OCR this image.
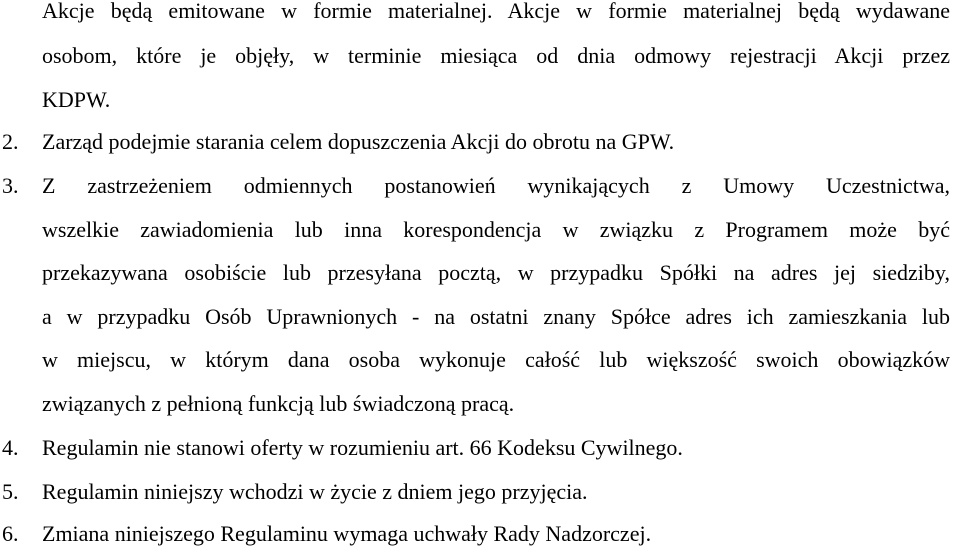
Akcje będą emitowane w formie materialnej. Akcje w formie materialnej będą wydawane
osobom, które je objęły, w terminie miesiąca od dnia odmowy rejestracji Akcji przez
KDPW.
2. Zarząd podejmie starania celem dopuszczenia Akcji do obrotu na GPW.
3. Z zastrzeżeniem odmiennych postanowień wynikających z Umowy Uczestnictwa,
wszelkie zawiadomienia lub inna korespondencja w związku z Programem może być
przekazywana osobiście lub przesyłana pocztą, w przypadku Spółki na adres jej siedziby,
a w przypadku Osób Uprawnionych - na ostatni znany Spółce adres ich zamieszkania lub
w miejscu, w którym dana osoba wykonuje całość lub większość swoich obowiązków
związanych z pełnioną funkcją lub świadczoną pracą.
4. Regulamin nie stanowi oferty w rozumieniu art. 66 Kodeksu Cywilnego.
5. Regulamin niniejszy wchodzi w życie z dniem jego przyjęcia.
6. Zmiana niniejszego Regulaminu wymaga uchwały Rady Nadzorczej.
